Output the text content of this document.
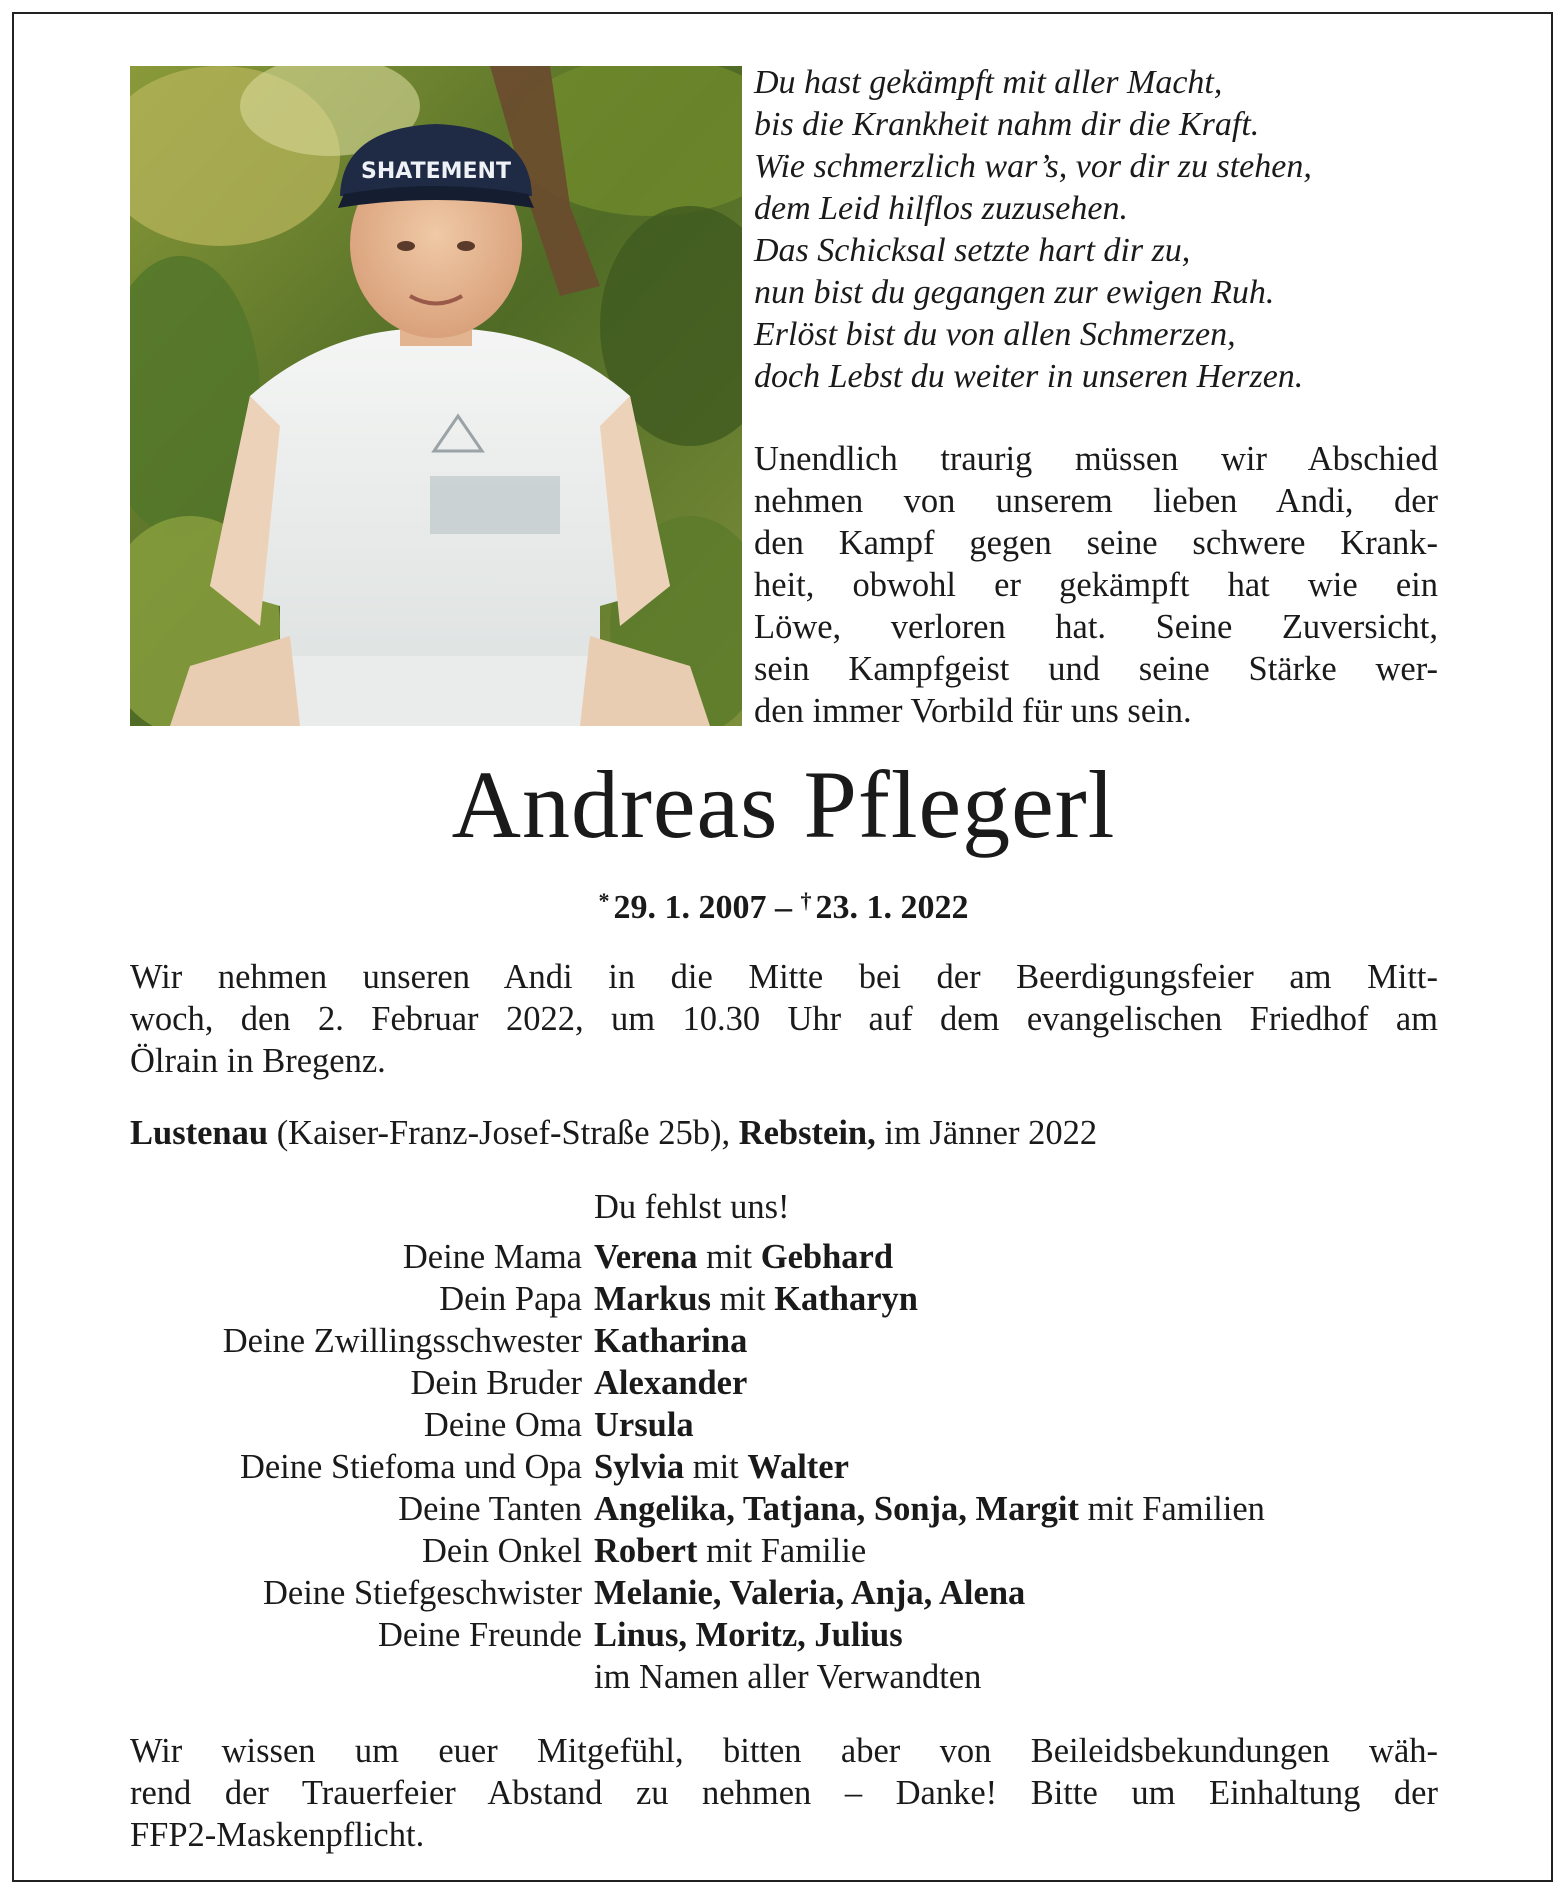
SHATEMENT
Du hast gekämpft mit aller Macht,
bis die Krankheit nahm dir die Kraft.
Wie schmerzlich war’s, vor dir zu stehen,
dem Leid hilflos zuzusehen.
Das Schicksal setzte hart dir zu,
nun bist du gegangen zur ewigen Ruh.
Erlöst bist du von allen Schmerzen,
doch Lebst du weiter in unseren Herzen.
Unendlich traurig müssen wir Abschied
nehmen von unserem lieben Andi, der
den Kampf gegen seine schwere Krank-
heit, obwohl er gekämpft hat wie ein
Löwe, verloren hat. Seine Zuversicht,
sein Kampfgeist und seine Stärke wer-
den immer Vorbild für uns sein.
Andreas Pflegerl
* 29. 1. 2007 – † 23. 1. 2022
Wir nehmen unseren Andi in die Mitte bei der Beerdigungsfeier am Mitt-
woch, den 2. Februar 2022, um 10.30 Uhr auf dem evangelischen Friedhof am
Ölrain in Bregenz.
Lustenau (Kaiser-Franz-Josef-Straße 25b), Rebstein, im Jänner 2022
Du fehlst uns!
Deine Mama Verena mit Gebhard
Dein Papa Markus mit Katharyn
Deine Zwillingsschwester Katharina
Dein Bruder Alexander
Deine Oma Ursula
Deine Stiefoma und Opa Sylvia mit Walter
Deine Tanten Angelika, Tatjana, Sonja, Margit mit Familien
Dein Onkel Robert mit Familie
Deine Stiefgeschwister Melanie, Valeria, Anja, Alena
Deine Freunde Linus, Moritz, Julius
im Namen aller Verwandten
Wir wissen um euer Mitgefühl, bitten aber von Beileidsbekundungen wäh-
rend der Trauerfeier Abstand zu nehmen – Danke! Bitte um Einhaltung der
FFP2-Maskenpflicht.
